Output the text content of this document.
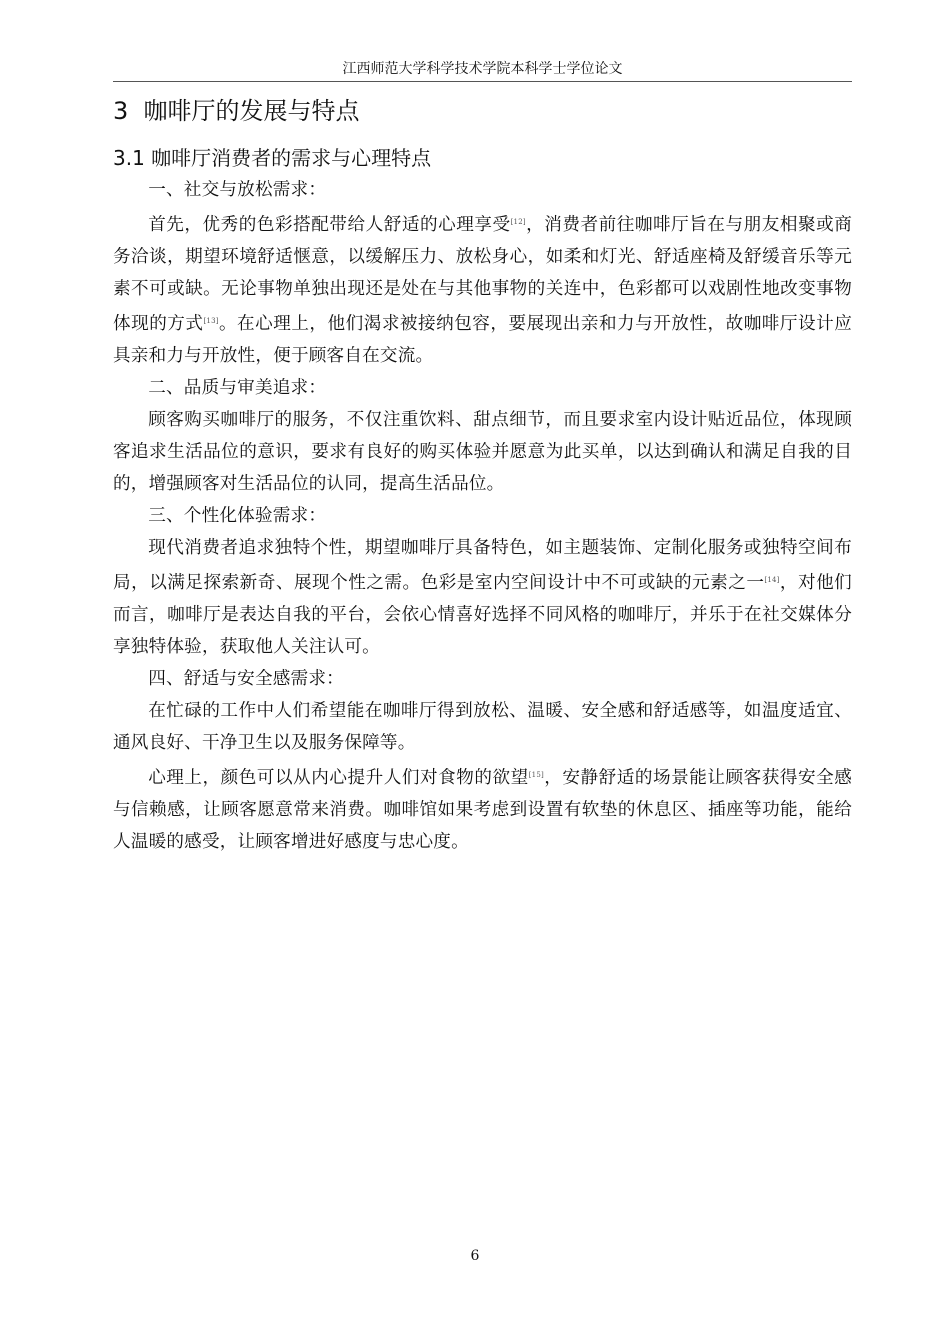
江西师范大学科学技术学院本科学士学位论文
3  咖啡厅的发展与特点
3.1 咖啡厅消费者的需求与心理特点

一、社交与放松需求：

首先，优秀的色彩搭配带给人舒适的心理享受[12]，消费者前往咖啡厅旨在与朋友相聚或商务洽谈，期望环境舒适惬意，以缓解压力、放松身心，如柔和灯光、舒适座椅及舒缓音乐等元素不可或缺。无论事物单独出现还是处在与其他事物的关连中，色彩都可以戏剧性地改变事物体现的方式[13]。在心理上，他们渴求被接纳包容，要展现出亲和力与开放性，故咖啡厅设计应具亲和力与开放性，便于顾客自在交流。

二、品质与审美追求：

顾客购买咖啡厅的服务，不仅注重饮料、甜点细节，而且要求室内设计贴近品位，体现顾客追求生活品位的意识，要求有良好的购买体验并愿意为此买单，以达到确认和满足自我的目的，增强顾客对生活品位的认同，提高生活品位。

三、个性化体验需求：

现代消费者追求独特个性，期望咖啡厅具备特色，如主题装饰、定制化服务或独特空间布局，以满足探索新奇、展现个性之需。色彩是室内空间设计中不可或缺的元素之一[14]，对他们而言，咖啡厅是表达自我的平台，会依心情喜好选择不同风格的咖啡厅，并乐于在社交媒体分享独特体验，获取他人关注认可。

四、舒适与安全感需求：

在忙碌的工作中人们希望能在咖啡厅得到放松、温暖、安全感和舒适感等，如温度适宜、通风良好、干净卫生以及服务保障等。

心理上，颜色可以从内心提升人们对食物的欲望[15]，安静舒适的场景能让顾客获得安全感与信赖感，让顾客愿意常来消费。咖啡馆如果考虑到设置有软垫的休息区、插座等功能，能给人温暖的感受，让顾客增进好感度与忠心度。

6
